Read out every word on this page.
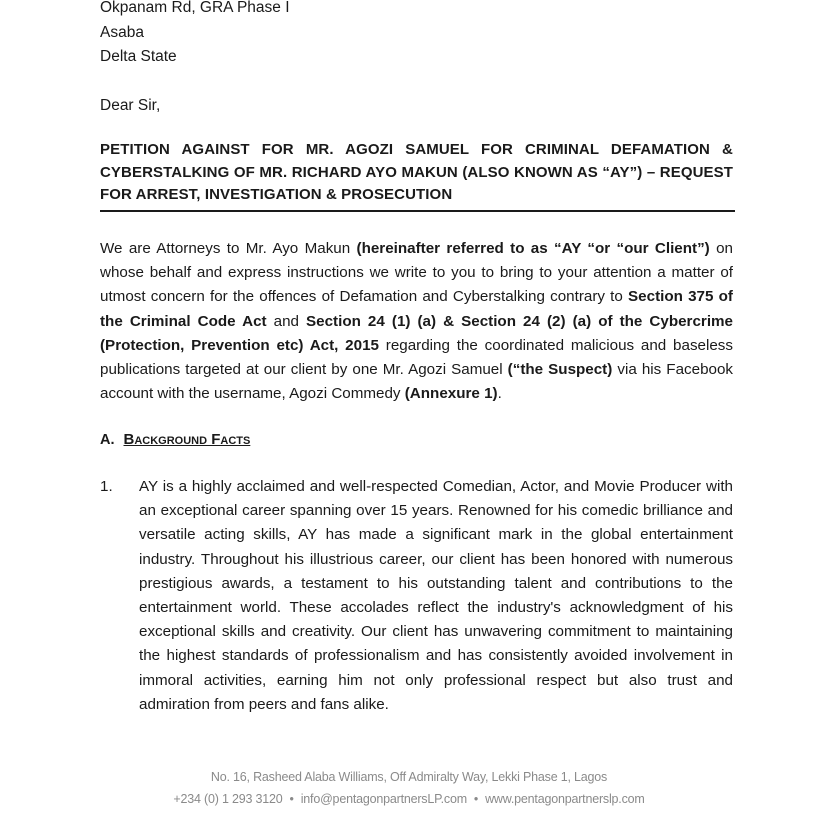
Okpanam Rd, GRA Phase I
Asaba
Delta State
Dear Sir,
PETITION AGAINST FOR MR. AGOZI SAMUEL FOR CRIMINAL DEFAMATION & CYBERSTALKING OF MR. RICHARD AYO MAKUN (ALSO KNOWN AS “AY”) – REQUEST FOR ARREST, INVESTIGATION & PROSECUTION
We are Attorneys to Mr. Ayo Makun (hereinafter referred to as “AY “or “our Client”) on whose behalf and express instructions we write to you to bring to your attention a matter of utmost concern for the offences of Defamation and Cyberstalking contrary to Section 375 of the Criminal Code Act and Section 24 (1) (a) & Section 24 (2) (a) of the Cybercrime (Protection, Prevention etc) Act, 2015 regarding the coordinated malicious and baseless publications targeted at our client by one Mr. Agozi Samuel (“the Suspect) via his Facebook account with the username, Agozi Commedy (Annexure 1).
A. Background Facts
1. AY is a highly acclaimed and well-respected Comedian, Actor, and Movie Producer with an exceptional career spanning over 15 years. Renowned for his comedic brilliance and versatile acting skills, AY has made a significant mark in the global entertainment industry. Throughout his illustrious career, our client has been honored with numerous prestigious awards, a testament to his outstanding talent and contributions to the entertainment world. These accolades reflect the industry's acknowledgment of his exceptional skills and creativity. Our client has unwavering commitment to maintaining the highest standards of professionalism and has consistently avoided involvement in immoral activities, earning him not only professional respect but also trust and admiration from peers and fans alike.
No. 16, Rasheed Alaba Williams, Off Admiralty Way, Lekki Phase 1, Lagos
+234 (0) 1 293 3120 • info@pentagonpartnersLP.com • www.pentagonpartnerslp.com
